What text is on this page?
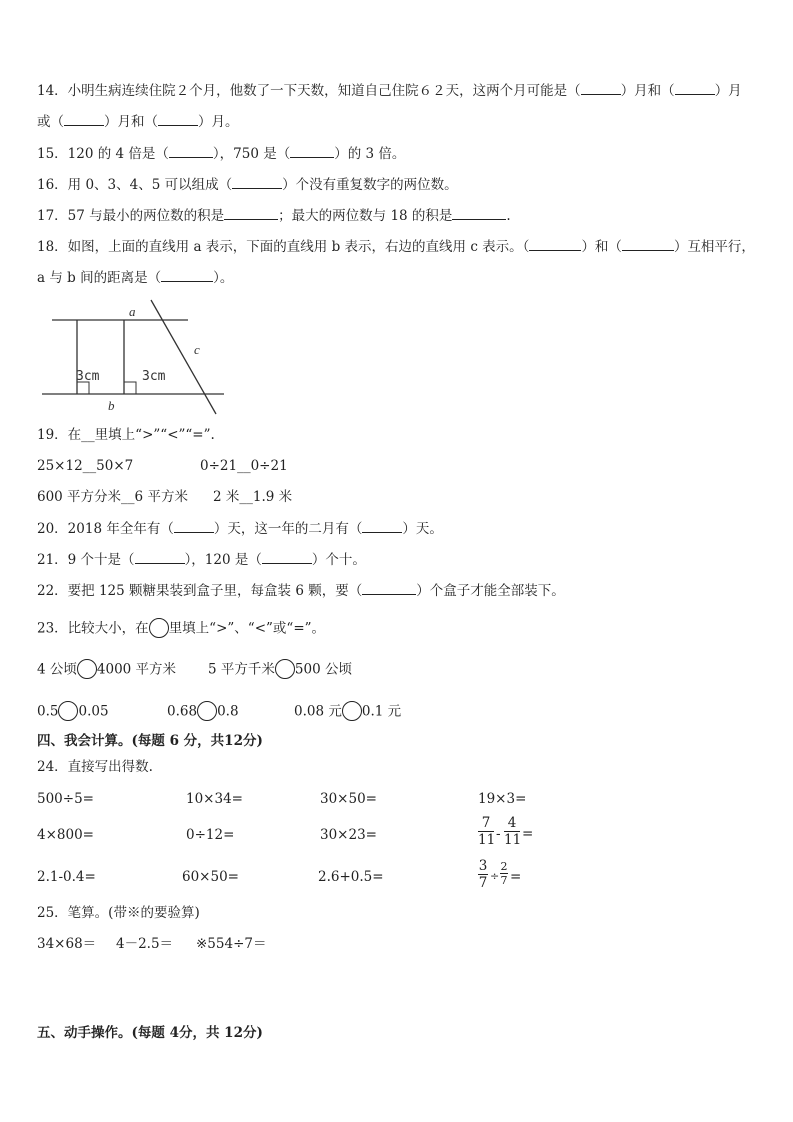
14．小明生病连续住院２个月，他数了一下天数，知道自己住院６２天，这两个月可能是（	）月和（	）月
或（	）月和（	）月。
15．120 的 4 倍是（	），750 是（	）的 3 倍。
16．用 0、3、4、5 可以组成（	）个没有重复数字的两位数。
17．57 与最小的两位数的积是	；最大的两位数与 18 的积是	.
18．如图，上面的直线用 a 表示，下面的直线用 b 表示，右边的直线用 c 表示。（	）和（	）互相平行，
a 与 b 间的距离是（	）。
a
b
c
3cm	3cm
19．在__里填上“>”“<”“=”.
25×12__50×7	0÷21__0÷21
600 平方分米__6 平方米 2 米__1.9 米
20．2018 年全年有（	）天，这一年的二月有（	）天。
21．9 个十是（	），120 是（	）个十。
22．要把 125 颗糖果装到盒子里，每盒装 6 颗，要（	）个盒子才能全部装下。
23．比较大小，在 里填上“>”、“<”或“=”。
4 公顷 4000 平方米 5 平方千米 500 公顷
0.5 0.05	0.68 0.8	0.08 元 0.1 元
四、我会计算。(每题 6 分，共12分)
24．直接写出得数.
500÷5=	10×34=	30×50=	19×3=
4×800=	0÷12=	30×23=	$\frac{7}{11} - \frac{4}{11}$ =
2.1-0.4=	60×50=	2.6+0.5=	$\frac{3}{7} \div \frac{2}{7}$ =
25．笔算。(带※的要验算)
34×68＝ 4－2.5＝ ※554÷7＝
五、动手操作。(每题 4分，共 12分)
